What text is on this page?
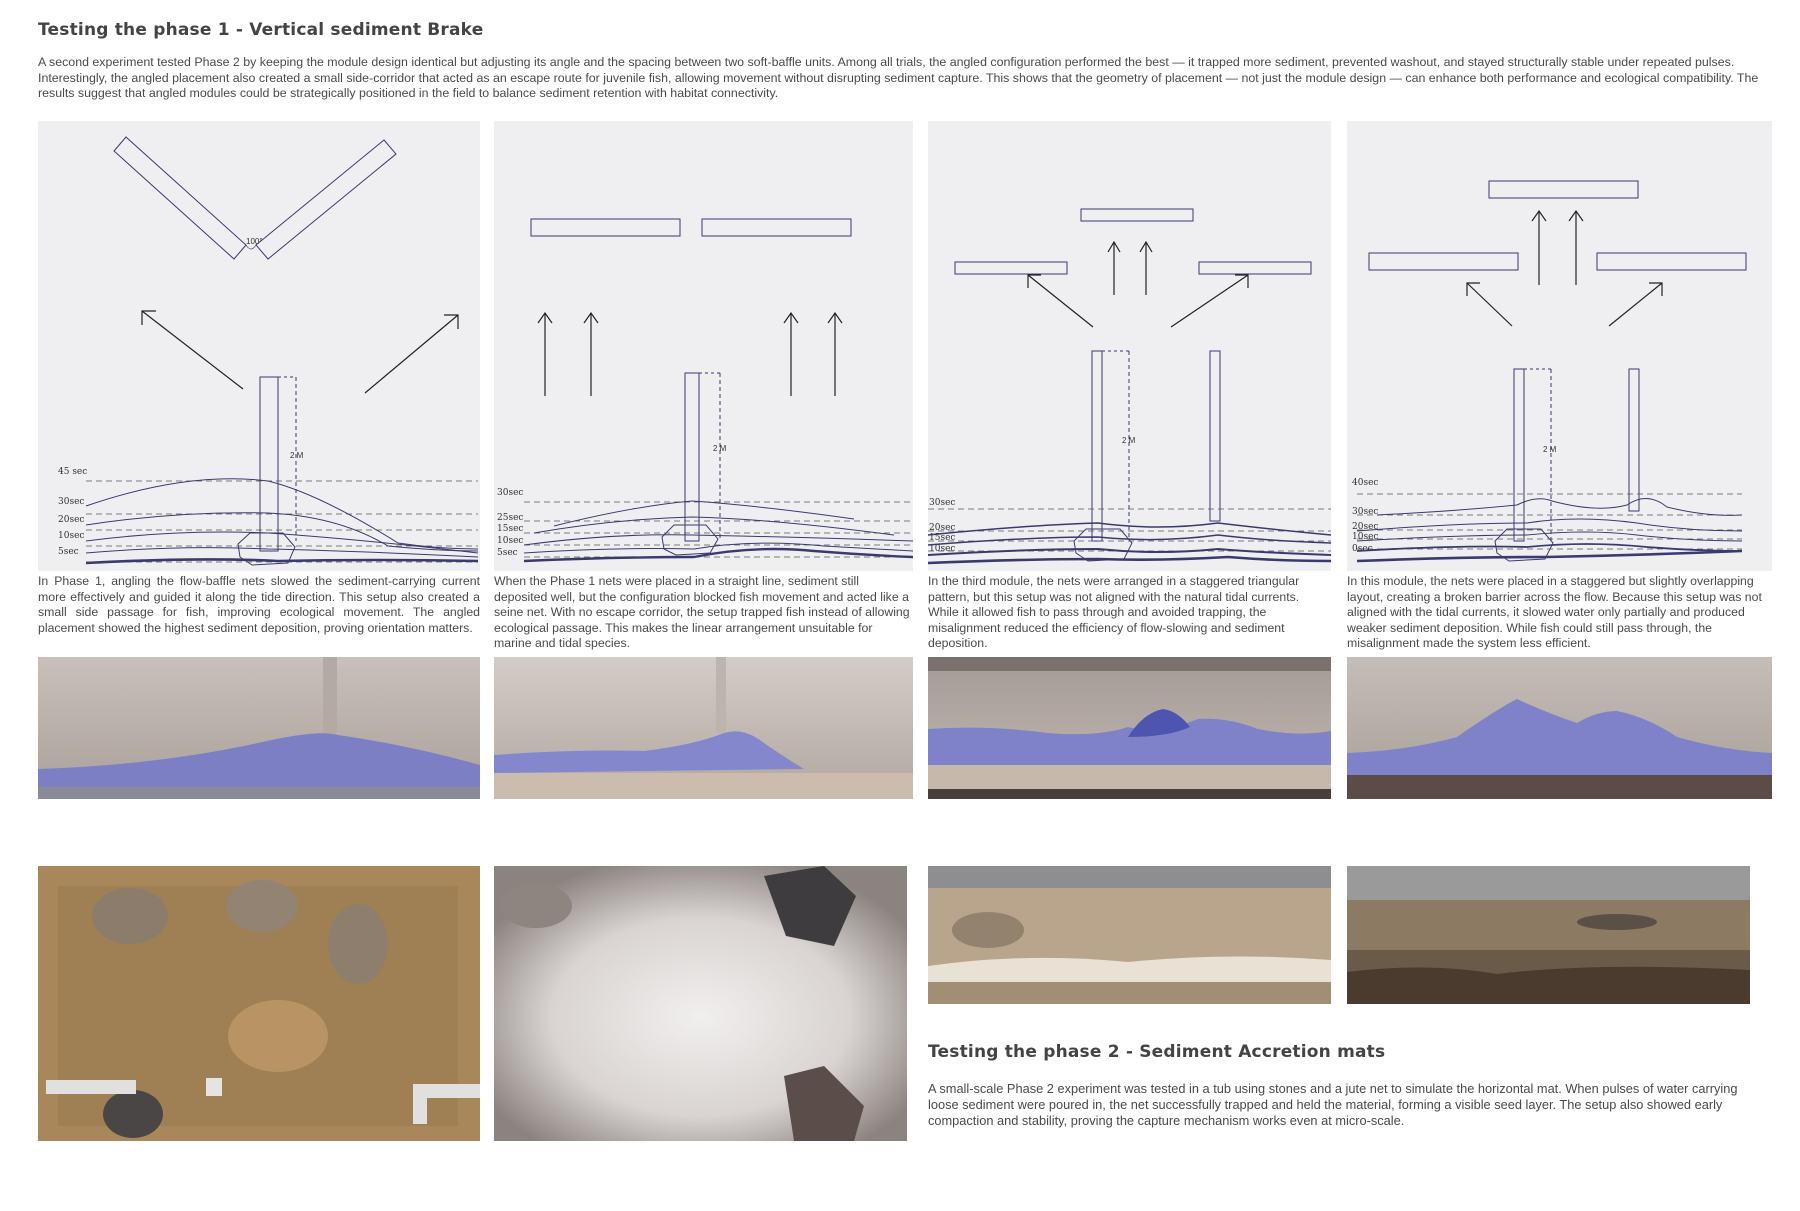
Testing the phase 1 - Vertical sediment Brake
A second experiment tested Phase 2 by keeping the module design identical but adjusting its angle and the spacing between two soft-baffle units. Among all trials, the angled configuration performed the best — it trapped more sediment, prevented washout, and stayed structurally stable under repeated pulses. Interestingly, the angled placement also created a small side-corridor that acted as an escape route for juvenile fish, allowing movement without disrupting sediment capture. This shows that the geometry of placement — not just the module design — can enhance both performance and ecological compatibility. The results suggest that angled modules could be strategically positioned in the field to balance sediment retention with habitat connectivity.
100°
2 M
45 sec
30sec
20sec
10sec
5sec
In Phase 1, angling the flow-baffle nets slowed the sediment-carrying current more effectively and guided it along the tide direction. This setup also created a small side passage for fish, improving ecological movement. The angled placement showed the highest sediment deposition, proving orientation matters.
2 M
30sec
25sec
15sec
10sec
5sec
When the Phase 1 nets were placed in a straight line, sediment still deposited well, but the configuration blocked fish movement and acted like a seine net. With no escape corridor, the setup trapped fish instead of allowing ecological passage. This makes the linear arrangement unsuitable for marine and tidal species.
2 M
30sec
20sec
15sec
10sec
In the third module, the nets were arranged in a staggered triangular pattern, but this setup was not aligned with the natural tidal currents. While it allowed fish to pass through and avoided trapping, the misalignment reduced the efficiency of flow-slowing and sediment deposition.
2 M
40sec
30sec
20sec
10sec
0sec
In this module, the nets were placed in a staggered but slightly overlapping layout, creating a broken barrier across the flow. Because this setup was not aligned with the tidal currents, it slowed water only partially and produced weaker sediment deposition. While fish could still pass through, the misalignment made the system less efficient.
Testing the phase 2 - Sediment Accretion mats
A small-scale Phase 2 experiment was tested in a tub using stones and a jute net to simulate the horizontal mat. When pulses of water carrying loose sediment were poured in, the net successfully trapped and held the material, forming a visible seed layer. The setup also showed early compaction and stability, proving the capture mechanism works even at micro-scale.
